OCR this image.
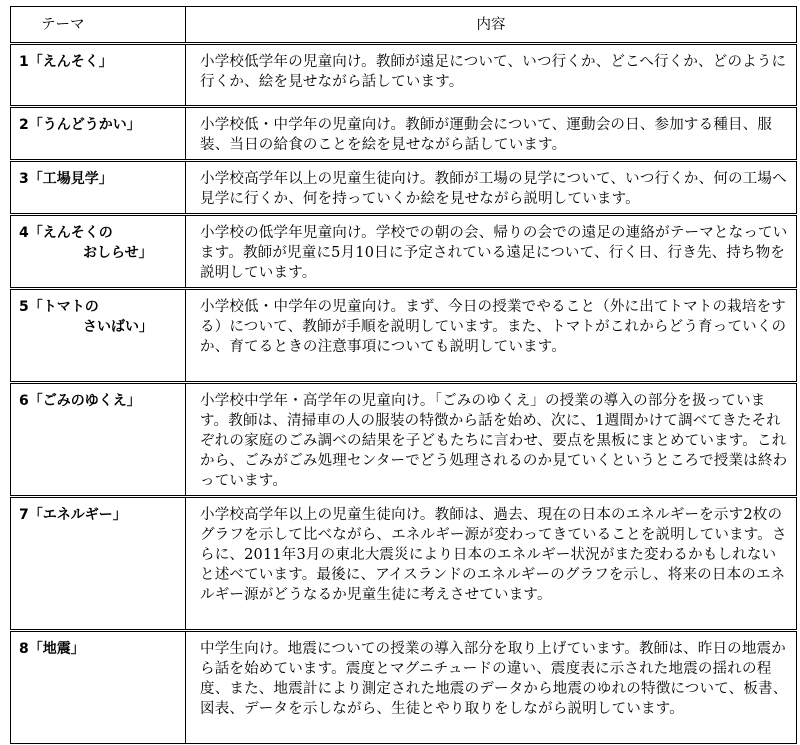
テーマ	内容
1「えんそく」	小学校低学年の児童向け。教師が遠足について、いつ行くか、どこへ行くか、どのように行くか、絵を見せながら話しています。
2「うんどうかい」	小学校低・中学年の児童向け。教師が運動会について、運動会の日、参加する種目、服装、当日の給食のことを絵を見せながら話しています。
3「工場見学」	小学校高学年以上の児童生徒向け。教師が工場の見学について、いつ行くか、何の工場へ見学に行くか、何を持っていくか絵を見せながら説明しています。
4「えんそくの
おしらせ」	小学校の低学年児童向け。学校での朝の会、帰りの会での遠足の連絡がテーマとなっています。教師が児童に5月10日に予定されている遠足について、行く日、行き先、持ち物を説明しています。
5「トマトの
さいばい」	小学校低・中学年の児童向け。まず、今日の授業でやること（外に出てトマトの栽培をする）について、教師が手順を説明しています。また、トマトがこれからどう育っていくのか、育てるときの注意事項についても説明しています。
6「ごみのゆくえ」	小学校中学年・高学年の児童向け。「ごみのゆくえ」の授業の導入の部分を扱っています。教師は、清掃車の人の服装の特徴から話を始め、次に、1週間かけて調べてきたそれぞれの家庭のごみ調べの結果を子どもたちに言わせ、要点を黒板にまとめています。これから、ごみがごみ処理センターでどう処理されるのか見ていくというところで授業は終わっています。
7「エネルギー」	小学校高学年以上の児童生徒向け。教師は、過去、現在の日本のエネルギーを示す2枚のグラフを示して比べながら、エネルギー源が変わってきていることを説明しています。さらに、2011年3月の東北大震災により日本のエネルギー状況がまた変わるかもしれないと述べています。最後に、アイスランドのエネルギーのグラフを示し、将来の日本のエネルギー源がどうなるか児童生徒に考えさせています。
8「地震」	中学生向け。地震についての授業の導入部分を取り上げています。教師は、昨日の地震から話を始めています。震度とマグニチュードの違い、震度表に示された地震の揺れの程度、また、地震計により測定された地震のデータから地震のゆれの特徴について、板書、図表、データを示しながら、生徒とやり取りをしながら説明しています。
